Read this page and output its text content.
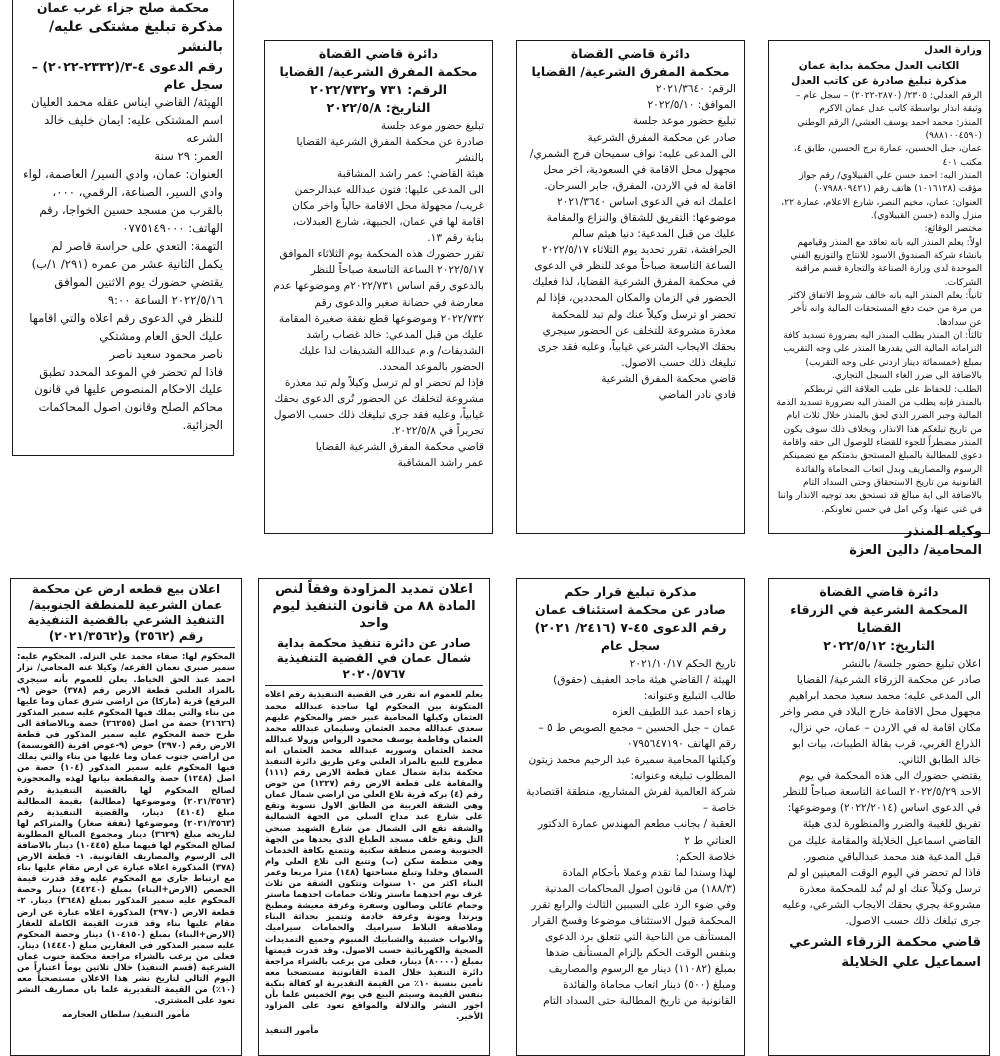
محكمة صلح جزاء غرب عمان

مذكرة تبليغ مشتكى عليه/ بالنشر

رقم الدعوى ٤-٣/(٢٣٣٢-٢٠٢٢) – سجل عام

الهيئة/ القاضي ايناس عقله محمد العليان

اسم المشتكى عليه: ايمان خليف خالد الشرعه

العمر: ٢٩ سنة

العنوان: عمان، وادي السير/ العاصمة، لواء وادي السير، الصناعة، الرقمي، ٠٠٠، بالقرب من مسجد حسين الخواجا، رقم الهاتف: ٠٧٧٥١٤٩٠٠٠

التهمة: التعدي على حراسة قاصر لم يكمل الثانية عشر من عمره (٢٩١/ ١/ب)

يقتضي حضورك يوم الاثنين الموافق ٢٠٢٢/٥/١٦ الساعة ٩:٠٠

للنظر في الدعوى رقم اعلاه والتي اقامها عليك الحق العام ومشتكي

ناصر محمود سعيد ناصر

فاذا لم تحضر في الموعد المحدد تطبق عليك الاحكام المنصوص عليها في قانون محاكم الصلح وقانون اصول المحاكمات الجزائية.

دائرة قاضي القضاة

محكمة المفرق الشرعية/ القضايا

الرقم: ٧٣١ و٢٠٢٢/٧٣٢

التاريخ: ٢٠٢٢/٥/٨

تبليغ حضور موعد جلسة

صادرة عن محكمة المفرق الشرعية القضايا بالنشر

هيئة القاضي: عمر راشد المشاقبة

الى المدعى عليها: فتون عبدالله عبدالرحمن غريب/ مجهولة محل الاقامة حالياً واخر مكان اقامة لها في عمان، الجبيهة، شارع العبدلات، بناية رقم ١٣.

تقرر حضورك هذه المحكمة يوم الثلاثاء الموافق ٢٠٢٢/٥/١٧ الساعة التاسعة صباحاً للنظر بالدعوى رقم اساس ٢٠٢٢/٧٣١م وموضوعها عدم معارضة في حضانة صغير والدعوى رقم ٢٠٢٢/٧٣٢ وموضوعها قطع نفقة صغيرة المقامة عليك من قبل المدعي: خالد غصاب راشد الشديفات/ و.م عبدالله الشديفات لذا عليك الحضور بالموعد المحدد.

فإذا لم تحضر او لم ترسل وكيلاً ولم تبد معذرة مشروعة لتخلفك عن الحضور تُرى الدعوى بحقك غيابياً، وعليه فقد جرى تبليغك ذلك حسب الاصول تحريراً في ٢٠٢٢/٥/٨.

قاضي محكمة المفرق الشرعية القضايا

عمر راشد المشاقبة

دائرة قاضي القضاة

محكمة المفرق الشرعية/ القضايا

الرقم: ٢٠٢١/٣٦٤٠

الموافق: ٢٠٢٢/٥/١٠

تبليغ حضور موعد جلسة

صادر عن محكمة المفرق الشرعية

الى المدعى عليه: نواف سميحان فرج الشمري/ مجهول محل الاقامة في السعودية، اخر محل اقامة له في الاردن، المفرق، جابر السرحان.

اعلمك انه في الدعوى اساس ٢٠٢١/٣٦٤٠ موضوعها: التفريق للشقاق والنزاع والمقامة عليك من قبل المدعية: دنيا هيثم سالم الحرافشة، تقرر تحديد يوم الثلاثاء ٢٠٢٢/٥/١٧ الساعة التاسعة صباحاً موعد للنظر في الدعوى في محكمة المفرق الشرعية القضايا، لذا فعليك الحضور في الزمان والمكان المحددين، فإذا لم تحضر او ترسل وكيلاً عنك ولم تبد للمحكمة معذرة مشروعة للتخلف عن الحضور سيجري بحقك الايجاب الشرعي غيابياً، وعليه فقد جرى تبليغك ذلك حسب الاصول.

قاضي محكمة المفرق الشرعية

فادي نادر الماضي

وزارة العدل

الكاتب العدل محكمة بداية عمان

مذكرة تبليغ صادرة عن كاتب العدل

الرقم العدلي: ٢٣٠٥/ (٢٨٧٠-٢٠٢٢) – سجل عام – وثيقة انذار بواسطة كاتب عدل عمان الاكرم

المنذر: محمد احمد يوسف العشي/ الرقم الوطني (٩٨٨١٠٠٤٥٩٠)

عمان، جبل الحسين، عمارة برج الحسين، طابق ٤، مكتب ٤٠١

المنذر اليه: احمد حسن علي القبيلاوي/ رقم جواز مؤقت (١٠١٦١٢٨) هاتف رقم (٠٧٩٨٨٠٩٤٢١)

العنوان: عمان، مخيم النصر، شارع الاعلام، عمارة ٢٢، منزل والده (حسن القبيلاوي).

مختصر الوقائع:

اولاً: يعلم المنذر اليه بانه تعاقد مع المنذر وقيامهم بانشاء شركة الصندوق الاسود للانتاج والتوزيع الفني الموحدة لدى وزارة الصناعة والتجارة قسم مراقبة الشركات.

ثانياً: يعلم المنذر اليه بانه خالف شروط الاتفاق لاكثر من مرة من حيث دفع المستحقات المالية وانه تأخر عن سدادها.

ثالثاً: ان المنذر يطلب المنذر اليه بضرورة تسديد كافة التزاماته المالية التي يقدرها المنذر على وجه التقريب بمبلغ (خمسمائة دينار اردني على وجه التقريب) بالاضافة الى ضرر الغاء السجل التجاري.

الطلب: للحفاظ على طيب العلاقة التي تربطكم بالمنذر فإنه يطلب من المنذر اليه بضرورة تسديد الذمة المالية وجبر الضرر الذي لحق بالمنذر خلال ثلاث ايام من تاريخ تبلغكم هذا الانذار، وبخلاف ذلك سوف يكون المنذر مضطراً للجوء للقضاء للوصول الى حقه واقامة دعوى للمطالبة بالمبلغ المستحق بذمتكم مع تضمينكم الرسوم والمصاريف وبدل اتعاب المحاماة والفائدة القانونية من تاريخ الاستحقاق وحتى السداد التام بالاضافة الى اية مبالغ قد تستحق بعد توجيه الانذار واننا في غنى عنها، وكي امل في حسن تعاونكم.

وكيله المنذر

المحامية/ دالين العزة

اعلان بيع قطعه ارض عن محكمة عمان الشرعية للمنطقة الجنوبية/ التنفيذ الشرعي بالقضية التنفيذية رقم (٣٥٦٢) و(٢٠٢١/٣٥٦٢)

المحكوم لها: صفاء محمد علي النزله. المحكوم عليه: سمير صبري نعمان القرعه/ وكيلا عنه المحامي/ نزار احمد عبد الحق الخياط. يعلن للعموم بأنه سيجري بالمزاد العلني قطعة الارض رقم (٣٧٨) حوض (٩-البرقع) قرية (ماركا) من اراضي شرق عمان وما عليها من بناء والتي يملك فيها المحكوم عليه سمير المذكور (٢١٦٢٦) حصة من اصل (٢٦٢٥٥) حصة وبالاضافة الى طرح حصة المحكوم عليه سمير المذكور في قطعة الارض رقم (٢٩٧٠) حوض (٩-عوض اقرية (القويسمة) من اراضي جنوب عمان وما عليها من بناء والتي يملك فيها المحكوم عليه سمير المذكور (١٠٤) حصة من اصل (١٢٤٨) حصة والمقطعة بيانها لهذه والمحجوزة لصالح المحكوم لها بالقضية التنفيذية رقم (٢٠٢١/٣٥٦٢) وموضوعها (مطالبة) بقيمة المطالبة مبلغ (٤١٠٤) دينار، والقضية التنفيذية رقم (٢٠٢١/٣٥٦٣) وموضوعها (نفقة صغار) والمتراكم لها لتاريخه مبلغ (٣٦٢٩) دينار ومجموع المبالغ المطلوبة لصالح المحكوم لها فيهما مبلغ (١٠٤٤٥) دينار بالاضافة الى الرسوم والمصاريف القانونية. ١- قطعة الارض (٣٧٨) المذكورة اعلاه عبارة عن ارض مقام عليها بناء مع ارتباط جاري مع المحكوم عليه وقد قدرت قيمة الحصص (الارض+البناء) بمبلغ (٤٤٢٤٠) دينار وحصة المحكوم عليه سمير المذكور بمبلغ (٣٦٤٨) دينار. ٢- قطعة الارض (٢٩٧٠) المذكورة اعلاه عبارة عن ارض مقام عليها بناء وقد قدرت القيمة الكاملة للعقار (الارض+البناء) بمبلغ (١٠٤١٥٠) دينار وحصة المحكوم عليه سمير المذكور في العقارين مبلغ (١٤٤٤٠) دينار. فعلى من يرغب بالشراء مراجعة محكمة جنوب عمان الشرعية (قسم التنفيذ) خلال ثلاثين يوماً اعتباراً من اليوم التالي لتاريخ نشر هذا الاعلان مستصحباً معه (١٠٪) من القيمة التقديرية علما بان مصاريف النشر تعود على المشتري.

مأمور التنفيذ/ سلطان العجارمه

اعلان تمديد المزاودة وفقاً لنص المادة ٨٨ من قانون التنفيذ ليوم واحد

صادر عن دائرة تنفيذ محكمة بداية شمال عمان في القضية التنفيذية ٢٠٢٠/٥٧٦٧

يعلم للعموم انه تقرر في القضية التنفيذية رقم اعلاه المتكونة بين المحكوم لها ساجدة عبدالله محمد العثمان وكيلها المحامية عبير خضر والمحكوم عليهم سعدي عبدالله محمد العثمان وسليمان عبدالله محمد العثمان وفاطمة يوسف محمود الرواس ورولا عبدالله محمد العثمان وسوريه عبدالله محمد العثمان انه مطروح للبيع بالمزاد العلني وعن طريق دائرة التنفيذ محكمة بداية شمال عمان قطعة الارض رقم (١١١) والمقامة على قطعة الارض رقم (١٢٢٧) من حوض رقم (٤) بركه قرية تلاع العلي من اراضي شمال عمان وهي الشقة الغربية من الطابق الاول تسوية وتقع على شارع عبد مداح السلي من الجهة الشمالية والشقة تقع الى الشمال من شارع الشهيد صبحي التل وتقع خلف مسجد الطباع الذي يحدها من الجهة الجنوبية وضمن منطقة سكنية وتتمتع بكافة الخدمات وهي منظمة سكن (ب) وتتبع الى تلاع العلي وام السماق وخلدا وتبلغ مساحتها (١٤٨) مترا مربعا وعمر البناء اكثر من ١٠ سنوات وتتكون الشقة من ثلاث غرف نوم احدهما ماستر وثلاث حمامات احدهما ماستر وحمام عائلي وصالون وسفرة وغرفة معيشة ومطبخ وبرندا ومونة وغرفة خادمة وتتميز بحداثة البناء وملاصقة البلاط سيراميك والحمامات سيراميك والابواب خشبية والشبابيك المنيوم وجميع التمديدات الصحية والكهربائية حسب الاصول. وقد قدرت قيمتها بمبلغ (٨٠٠٠٠) دينار، فعلى من يرغب بالشراء مراجعة دائرة التنفيذ خلال المدة القانونية مستصحبا معه تأمين بنسبة ١٠٪ من القيمة التقديرية او كفالة بنكية بنفس القيمة وسيتم البيع في يوم الخميس علما بأن اجور النشر والدلالة والمواقع تعود على المزاود الأخير.

مأمور التنفيذ

مذكرة تبليغ قرار حكم

صادر عن محكمة استئناف عمان

رقم الدعوى ٤٥-٧ (٢٤١٦/ ٢٠٢١)

سجل عام

تاريخ الحكم ٢٠٢١/١٠/١٧

الهيئة / القاضي هيئة ماجد العفيف (حقوق)

طالب التبليغ وعنوانه:

زهاء احمد عبد اللطيف العزه

عمان – جبل الحسين – مجمع الصويص ط ٥ – رقم الهاتف ٠٧٩٥٦٤٧١٩٠

وكيلتها المحامية سميرة عبد الرحيم محمد زيتون

المطلوب تبليغه وعنوانه:

شركة العالمية لفرش المشاريع، منطقة اقتصادية خاصة –

العقبة / بجانب مطعم المهندس عمارة الدكتور العناتي ط ٢

خلاصة الحكم:

لهذا وسندا لما تقدم وعملا بأحكام المادة (١٨٨/٣) من قانون اصول المحاكمات المدنية وفي ضوء الرد على السببين الثالث والرابع تقرر المحكمة قبول الاستئناف موضوعا وفسخ القرار المستأنف من الناحية التي تتعلق برد الدعوى وبنفس الوقت الحكم بإلزام المستأنف ضدها بمبلغ (١١٠٨٢) دينار مع الرسوم والمصاريف ومبلغ (٥٠٠) دينار اتعاب محاماة والفائدة القانونية من تاريخ المطالبة حتى السداد التام

دائرة قاضي القضاة

المحكمة الشرعية في الزرقاء القضايا

التاريخ: ٢٠٢٢/٥/١٢

اعلان تبليغ حضور جلسة/ بالنشر

صادر عن محكمة الزرقاء الشرعية/ القضايا

الى المدعى عليه: محمد سعيد محمد ابراهيم مجهول محل الاقامة خارج البلاد في مصر واخر مكان اقامة له في الاردن – عمان، حي نزال، الذراع الغربي، قرب بقالة الطيبات، بيات ابو خالد الطابق الثاني.

يقتضي حضورك الى هذه المحكمة في يوم الاحد ٢٠٢٢/٥/٢٩ الساعة التاسعة صباحاً للنظر في الدعوى اساس (٢٠٢٢/٢٠١٤) وموضوعها: تفريق للغيبة والضرر والمنظورة لدى هيئة القاضي اسماعيل الخلايلة والمقامة عليك من قبل المدعية هند محمد عبدالباقي منصور.

فاذا لم تحضر في اليوم الوقت المعينين او لم ترسل وكيلاً عنك او لم تُبد للمحكمة معذرة مشروعة يجري بحقك الايجاب الشرعي، وعليه جرى تبلغك ذلك حسب الاصول.

قاضي محكمة الزرقاء الشرعي

اسماعيل علي الخلايلة
